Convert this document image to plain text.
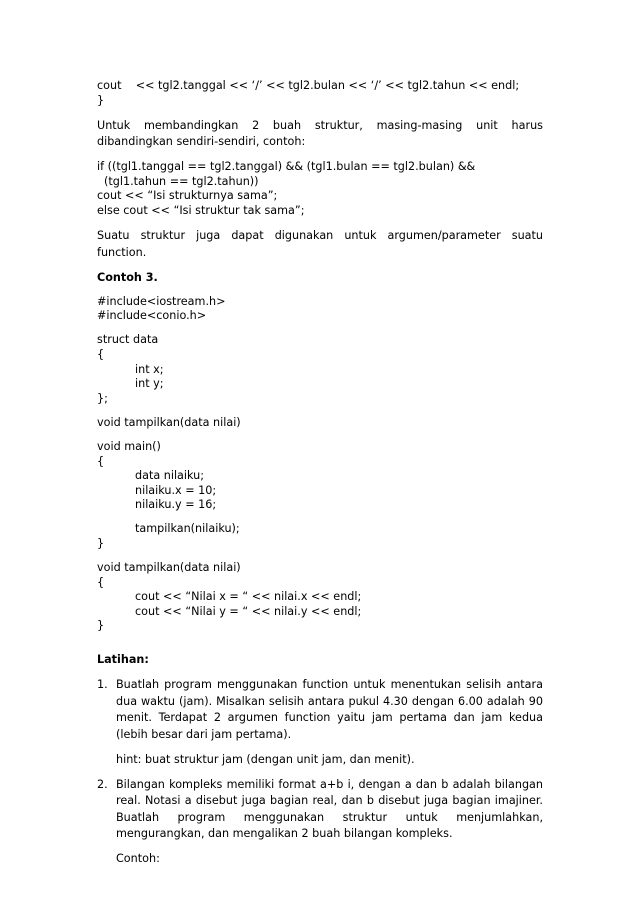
cout << tgl2.tanggal << ‘/’ << tgl2.bulan << ‘/’ << tgl2.tahun << endl;
}

Untuk membandingkan 2 buah struktur, masing-masing unit harus dibandingkan sendiri-sendiri, contoh:

if ((tgl1.tanggal == tgl2.tanggal) && (tgl1.bulan == tgl2.bulan) &&
(tgl1.tahun == tgl2.tahun))
cout << “Isi strukturnya sama”;
else cout << “Isi struktur tak sama”;

Suatu struktur juga dapat digunakan untuk argumen/parameter suatu function.

Contoh 3.
#include<iostream.h>
#include<conio.h>
struct data
{
int x;
int y;
};
void tampilkan(data nilai)
void main()
{
data nilaiku;
nilaiku.x = 10;
nilaiku.y = 16;
tampilkan(nilaiku);
}
void tampilkan(data nilai)
{
cout << “Nilai x = “ << nilai.x << endl;
cout << “Nilai y = “ << nilai.y << endl;
}
Latihan:
1. Buatlah program menggunakan function untuk menentukan selisih antara dua waktu (jam). Misalkan selisih antara pukul 4.30 dengan 6.00 adalah 90 menit. Terdapat 2 argumen function yaitu jam pertama dan jam kedua (lebih besar dari jam pertama).

hint: buat struktur jam (dengan unit jam, dan menit).
2. Bilangan kompleks memiliki format a+b i, dengan a dan b adalah bilangan real. Notasi a disebut juga bagian real, dan b disebut juga bagian imajiner. Buatlah program menggunakan struktur untuk menjumlahkan, mengurangkan, dan mengalikan 2 buah bilangan kompleks.

Contoh:
